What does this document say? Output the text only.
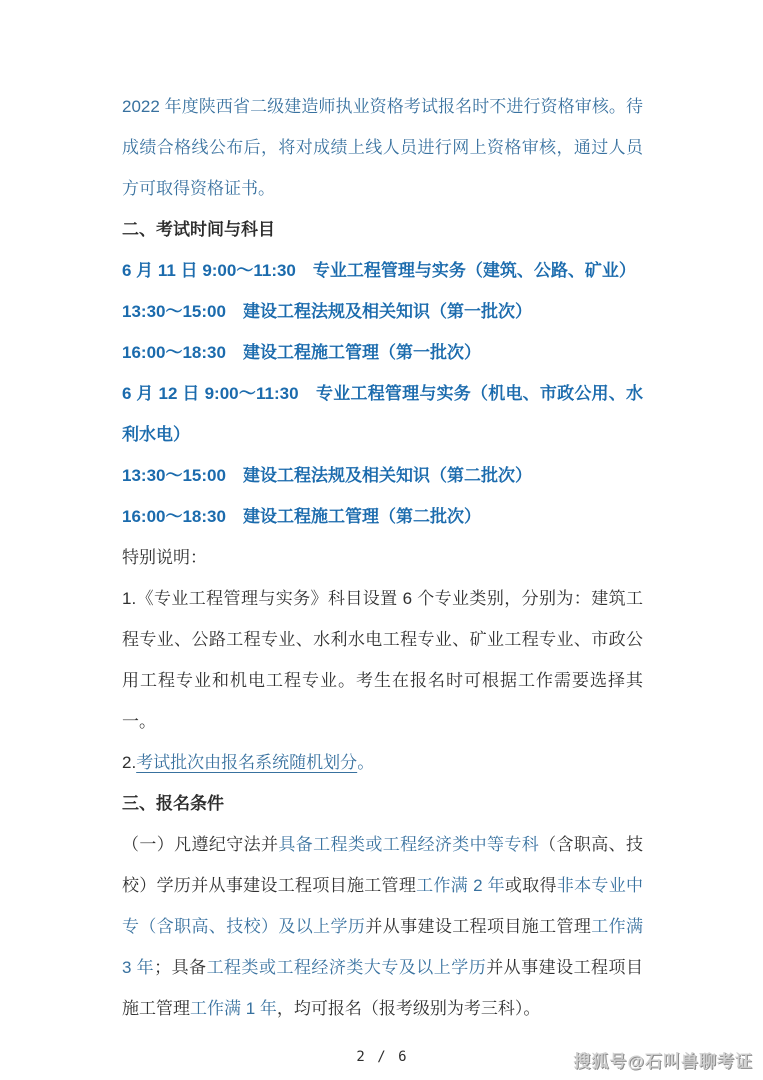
2022 年度陕西省二级建造师执业资格考试报名时不进行资格审核。待成绩合格线公布后，将对成绩上线人员进行网上资格审核，通过人员方可取得资格证书。

二、考试时间与科目

6 月 11 日 9:00～11:30　专业工程管理与实务（建筑、公路、矿业）
13:30～15:00　建设工程法规及相关知识（第一批次）
16:00～18:30　建设工程施工管理（第一批次）
6 月 12 日 9:00～11:30　专业工程管理与实务（机电、市政公用、水利水电）
13:30～15:00　建设工程法规及相关知识（第二批次）
16:00～18:30　建设工程施工管理（第二批次）

特别说明：

1.《专业工程管理与实务》科目设置 6 个专业类别，分别为：建筑工程专业、公路工程专业、水利水电工程专业、矿业工程专业、市政公用工程专业和机电工程专业。考生在报名时可根据工作需要选择其一。

2.考试批次由报名系统随机划分。

三、报名条件

（一）凡遵纪守法并具备工程类或工程经济类中等专科（含职高、技校）学历并从事建设工程项目施工管理工作满 2 年或取得非本专业中专（含职高、技校）及以上学历并从事建设工程项目施工管理工作满 3 年；具备工程类或工程经济类大专及以上学历并从事建设工程项目施工管理工作满 1 年，均可报名（报考级别为考三科）。

2 / 6	搜狐号@石叫兽聊考证
